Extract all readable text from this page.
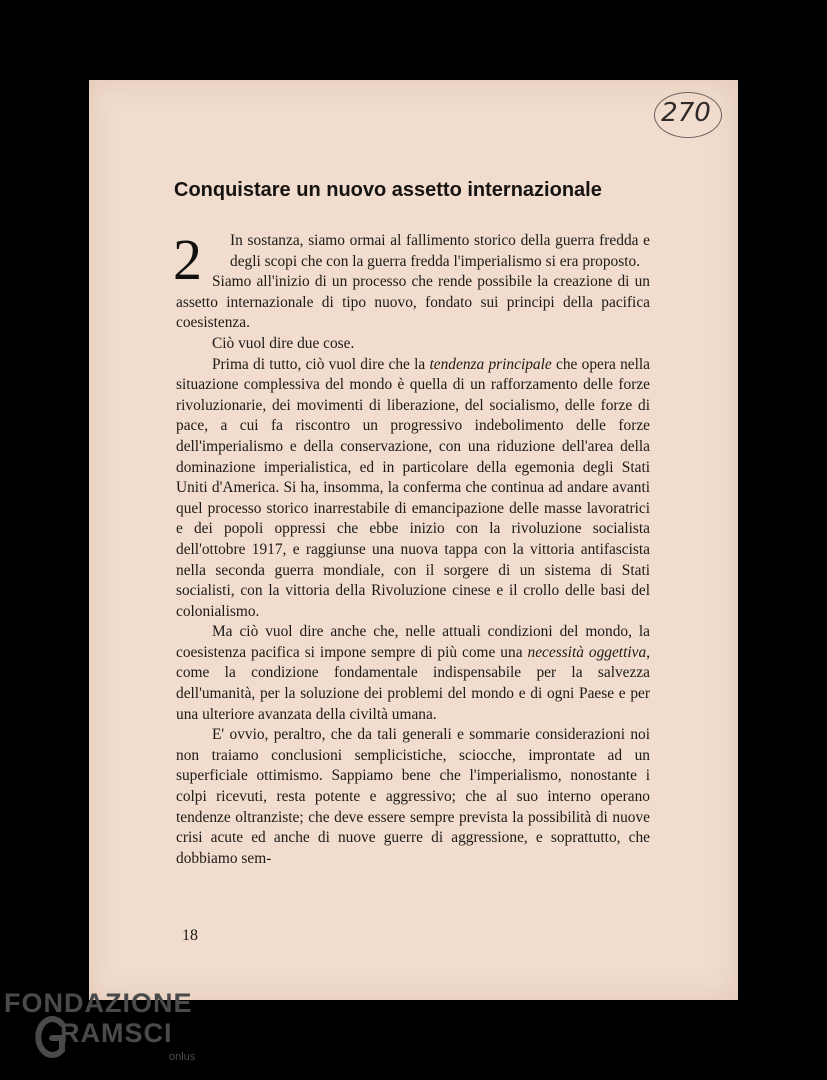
270
Conquistare un nuovo assetto internazionale
2	In sostanza, siamo ormai al fallimento storico della guerra fredda e degli scopi che con la guerra fredda l'imperialismo si era proposto.

Siamo all'inizio di un processo che rende possibile la creazione di un assetto internazionale di tipo nuovo, fondato sui principi della pacifica coesistenza.

Ciò vuol dire due cose.

Prima di tutto, ciò vuol dire che la tendenza principale che opera nella situazione complessiva del mondo è quella di un rafforzamento delle forze rivoluzionarie, dei movimenti di liberazione, del socialismo, delle forze di pace, a cui fa riscontro un progressivo indebolimento delle forze dell'imperialismo e della conservazione, con una riduzione dell'area della dominazione imperialistica, ed in particolare della egemonia degli Stati Uniti d'America. Si ha, insomma, la conferma che continua ad andare avanti quel processo storico inarrestabile di emancipazione delle masse lavoratrici e dei popoli oppressi che ebbe inizio con la rivoluzione socialista dell'ottobre 1917, e raggiunse una nuova tappa con la vittoria antifascista nella seconda guerra mondiale, con il sorgere di un sistema di Stati socialisti, con la vittoria della Rivoluzione cinese e il crollo delle basi del colonialismo.

Ma ciò vuol dire anche che, nelle attuali condizioni del mondo, la coesistenza pacifica si impone sempre di più come una necessità oggettiva, come la condizione fondamentale indispensabile per la salvezza dell'umanità, per la soluzione dei problemi del mondo e di ogni Paese e per una ulteriore avanzata della civiltà umana.

E' ovvio, peraltro, che da tali generali e sommarie considerazioni noi non traiamo conclusioni semplicistiche, sciocche, improntate ad un superficiale ottimismo. Sappiamo bene che l'imperialismo, nonostante i colpi ricevuti, resta potente e aggressivo; che al suo interno operano tendenze oltranziste; che deve essere sempre prevista la possibilità di nuove crisi acute ed anche di nuove guerre di aggressione, e soprattutto, che dobbiamo sem-

18
FONDAZIONE
RAMSCI
onlus
